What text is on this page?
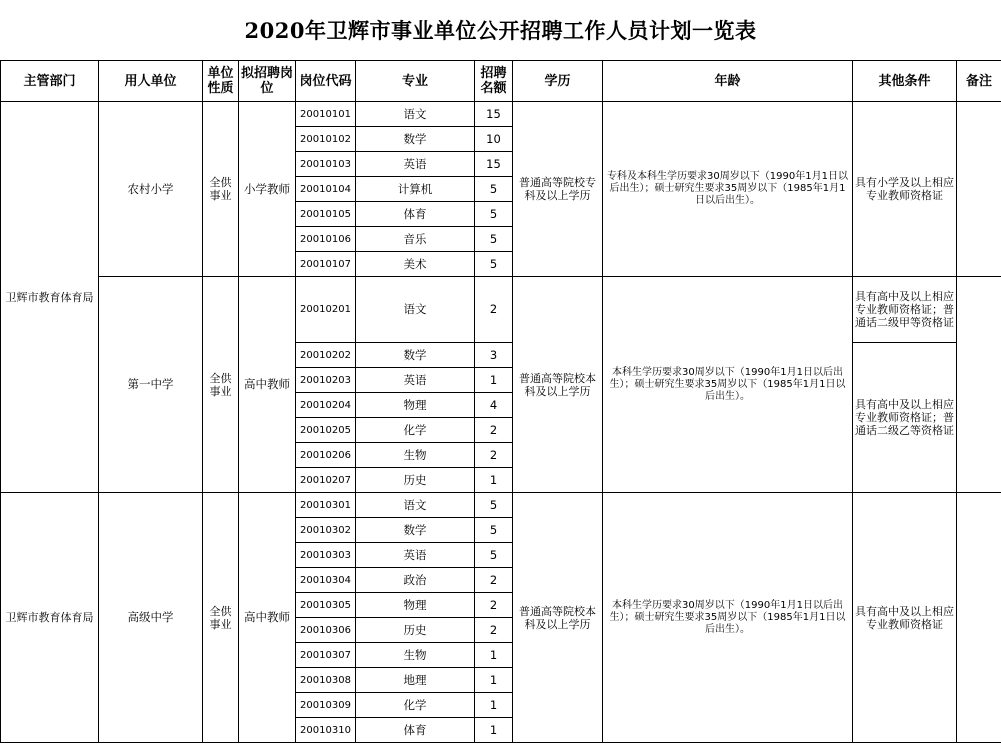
2020年卫辉市事业单位公开招聘工作人员计划一览表
主管部门	用人单位	单位性质	拟招聘岗位	岗位代码	专业	招聘名额	学历	年龄	其他条件	备注
卫辉市教育体育局	农村小学	全供事业	小学教师	20010101	语文	15	普通高等院校专科及以上学历	专科及本科生学历要求30周岁以下（1990年1月1日以后出生）；硕士研究生要求35周岁以下（1985年1月1日以后出生）。	具有小学及以上相应专业教师资格证	
				20010102	数学	10				
				20010103	英语	15				
				20010104	计算机	5				
				20010105	体育	5				
				20010106	音乐	5				
				20010107	美术	5				
	第一中学	全供事业	高中教师	20010201	语文	2	普通高等院校本科及以上学历	本科生学历要求30周岁以下（1990年1月1日以后出生）；硕士研究生要求35周岁以下（1985年1月1日以后出生）。	具有高中及以上相应专业教师资格证；普通话二级甲等资格证	
				20010202	数学	3			具有高中及以上相应专业教师资格证；普通话二级乙等资格证	
				20010203	英语	1				
				20010204	物理	4				
				20010205	化学	2				
				20010206	生物	2				
				20010207	历史	1				
卫辉市教育体育局	高级中学	全供事业	高中教师	20010301	语文	5	普通高等院校本科及以上学历	本科生学历要求30周岁以下（1990年1月1日以后出生）；硕士研究生要求35周岁以下（1985年1月1日以后出生）。	具有高中及以上相应专业教师资格证	
				20010302	数学	5				
				20010303	英语	5				
				20010304	政治	2				
				20010305	物理	2				
				20010306	历史	2				
				20010307	生物	1				
				20010308	地理	1				
				20010309	化学	1				
				20010310	体育	1				
